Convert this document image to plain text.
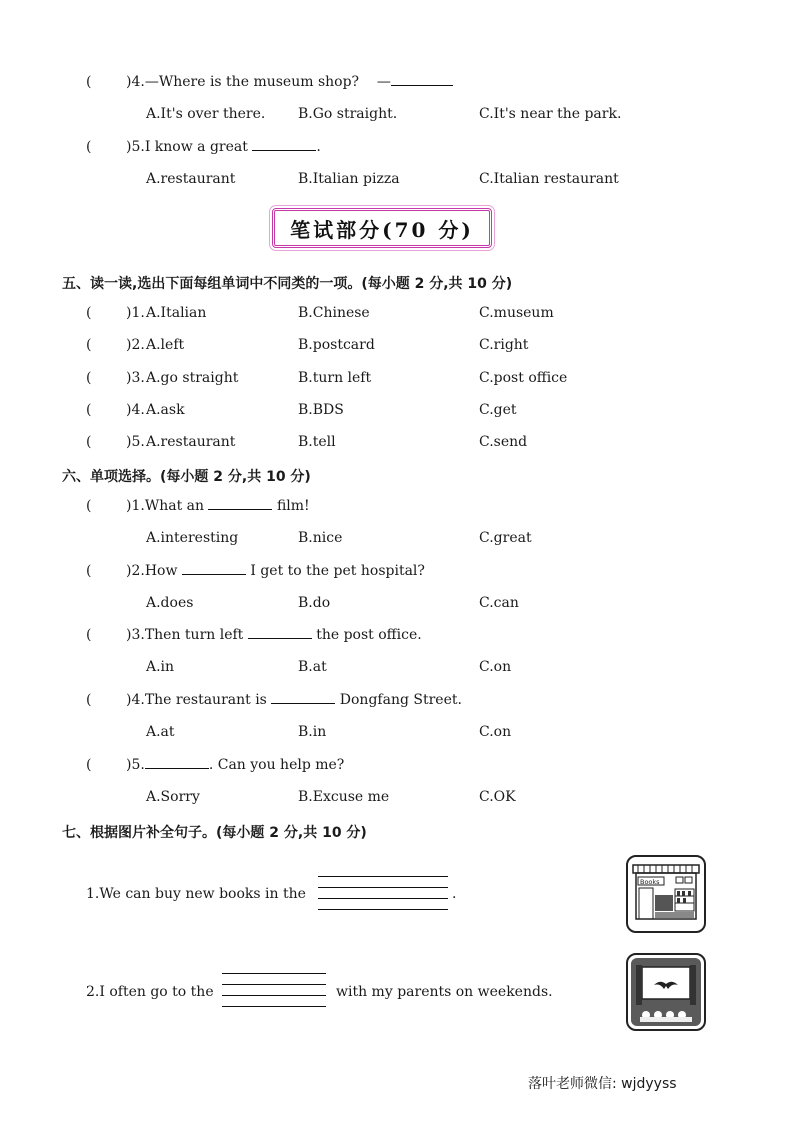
( )4.—Where is the museum shop? —
A.It's over there. B.Go straight.	C.It's near the park.
( )5.I know a great	.
A.restaurant	B.Italian pizza	C.Italian restaurant
笔试部分(70 分)
五、读一读,选出下面每组单词中不同类的一项。(每小题 2 分,共 10 分)
( )1. A.Italian	B.Chinese	C.museum
( )2. A.left	B.postcard	C.right
( )3. A.go straight	B.turn left	C.post office
( )4. A.ask	B.BDS	C.get
( )5. A.restaurant	B.tell	C.send
六、单项选择。(每小题 2 分,共 10 分)
( )1.What an	film!
A.interesting	B.nice	C.great
( )2.How	I get to the pet hospital?
A.does	B.do	C.can
( )3.Then turn left	the post office.
A.in	B.at	C.on
( )4.The restaurant is	Dongfang Street.
A.at	B.in	C.on
( )5.	. Can you help me?
A.Sorry	B.Excuse me	C.OK
七、根据图片补全句子。(每小题 2 分,共 10 分)
1.We can buy new books in the	.
2.I often go to the	with my parents on weekends.
Books
落叶老师微信: wjdyyss
